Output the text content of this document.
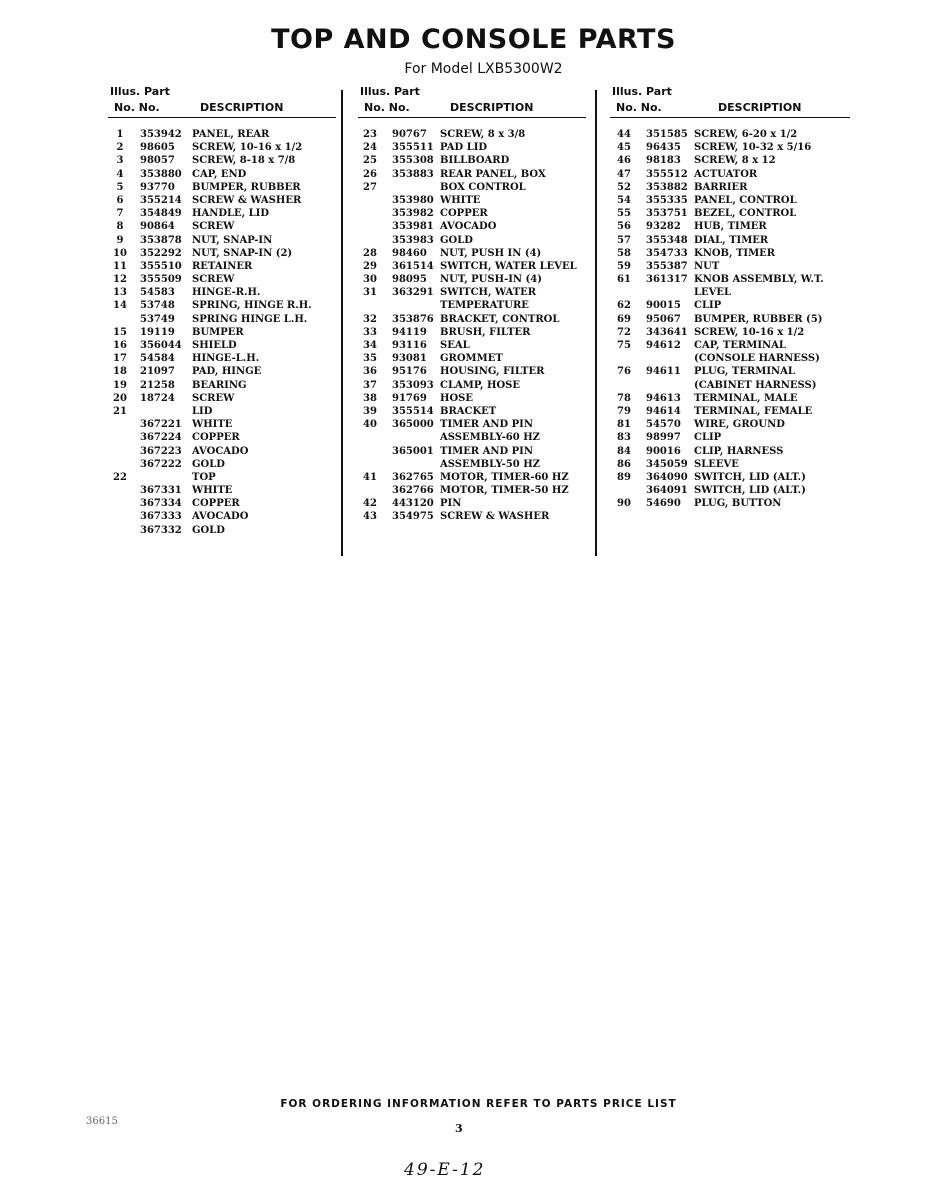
TOP AND CONSOLE PARTS
For Model LXB5300W2
Illus. Part
No. No.	DESCRIPTION
1	353942 PANEL, REAR
2	98605 SCREW, 10-16 x 1/2
3	98057 SCREW, 8-18 x 7/8
4	353880 CAP, END
5	93770 BUMPER, RUBBER
6	355214 SCREW & WASHER
7	354849 HANDLE, LID
8	90864 SCREW
9	353878 NUT, SNAP-IN
10	352292 NUT, SNAP-IN (2)
11	355510 RETAINER
12	355509 SCREW
13	54583 HINGE-R.H.
14	53748 SPRING, HINGE R.H.
53749 SPRING HINGE L.H.
15	19119 BUMPER
16	356044 SHIELD
17	54584 HINGE-L.H.
18	21097 PAD, HINGE
19	21258 BEARING
20	18724 SCREW
21	LID
367221 WHITE
367224 COPPER
367223 AVOCADO
367222 GOLD
22	TOP
367331 WHITE
367334 COPPER
367333 AVOCADO
367332 GOLD
Illus. Part
No. No.	DESCRIPTION
23	90767 SCREW, 8 x 3/8
24	355511 PAD LID
25	355308 BILLBOARD
26	353883 REAR PANEL, BOX
27	BOX CONTROL
353980 WHITE
353982 COPPER
353981 AVOCADO
353983 GOLD
28	98460 NUT, PUSH IN (4)
29	361514 SWITCH, WATER LEVEL
30	98095 NUT, PUSH-IN (4)
31	363291 SWITCH, WATER
TEMPERATURE
32	353876 BRACKET, CONTROL
33	94119 BRUSH, FILTER
34	93116 SEAL
35	93081 GROMMET
36	95176 HOUSING, FILTER
37	353093 CLAMP, HOSE
38	91769 HOSE
39	355514 BRACKET
40	365000 TIMER AND PIN
ASSEMBLY-60 HZ
365001 TIMER AND PIN
ASSEMBLY-50 HZ
41	362765 MOTOR, TIMER-60 HZ
362766 MOTOR, TIMER-50 HZ
42	443120 PIN
43	354975 SCREW & WASHER
Illus. Part
No. No.	DESCRIPTION
44	351585 SCREW, 6-20 x 1/2
45	96435 SCREW, 10-32 x 5/16
46	98183 SCREW, 8 x 12
47	355512 ACTUATOR
52	353882 BARRIER
54	355335 PANEL, CONTROL
55	353751 BEZEL, CONTROL
56	93282 HUB, TIMER
57	355348 DIAL, TIMER
58	354733 KNOB, TIMER
59	355387 NUT
61	361317 KNOB ASSEMBLY, W.T.
LEVEL
62	90015 CLIP
69	95067 BUMPER, RUBBER (5)
72	343641 SCREW, 10-16 x 1/2
75	94612 CAP, TERMINAL
(CONSOLE HARNESS)
76	94611 PLUG, TERMINAL
(CABINET HARNESS)
78	94613 TERMINAL, MALE
79	94614 TERMINAL, FEMALE
81	54570 WIRE, GROUND
83	98997 CLIP
84	90016 CLIP, HARNESS
86	345059 SLEEVE
89	364090 SWITCH, LID (ALT.)
364091 SWITCH, LID (ALT.)
90	54690 PLUG, BUTTON
FOR ORDERING INFORMATION REFER TO PARTS PRICE LIST
36615
3
49-E-12
